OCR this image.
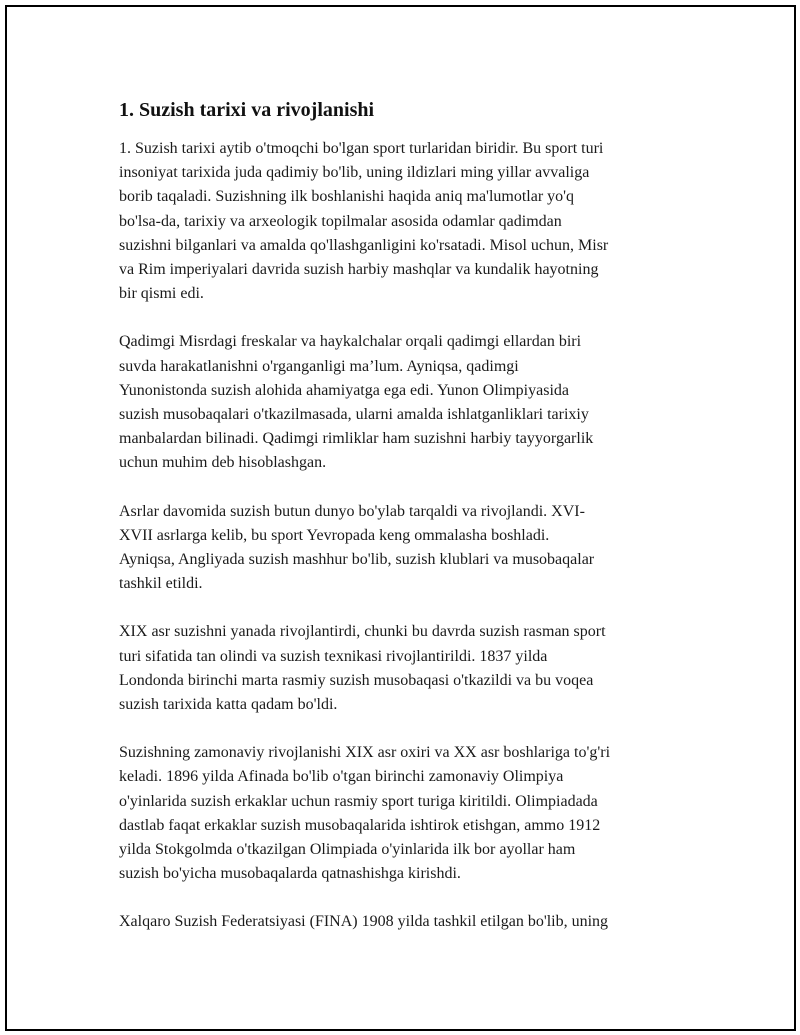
1. Suzish tarixi va rivojlanishi

1. Suzish tarixi aytib o'tmoqchi bo'lgan sport turlaridan biridir. Bu sport turi
insoniyat tarixida juda qadimiy bo'lib, uning ildizlari ming yillar avvaliga
borib taqaladi. Suzishning ilk boshlanishi haqida aniq ma'lumotlar yo'q
bo'lsa-da, tarixiy va arxeologik topilmalar asosida odamlar qadimdan
suzishni bilganlari va amalda qo'llashganligini ko'rsatadi. Misol uchun, Misr
va Rim imperiyalari davrida suzish harbiy mashqlar va kundalik hayotning
bir qismi edi.

Qadimgi Misrdagi freskalar va haykalchalar orqali qadimgi ellardan biri
suvda harakatlanishni o'rganganligi ma’lum. Ayniqsa, qadimgi
Yunonistonda suzish alohida ahamiyatga ega edi. Yunon Olimpiyasida
suzish musobaqalari o'tkazilmasada, ularni amalda ishlatganliklari tarixiy
manbalardan bilinadi. Qadimgi rimliklar ham suzishni harbiy tayyorgarlik
uchun muhim deb hisoblashgan.

Asrlar davomida suzish butun dunyo bo'ylab tarqaldi va rivojlandi. XVI-
XVII asrlarga kelib, bu sport Yevropada keng ommalasha boshladi.
Ayniqsa, Angliyada suzish mashhur bo'lib, suzish klublari va musobaqalar
tashkil etildi.

XIX asr suzishni yanada rivojlantirdi, chunki bu davrda suzish rasman sport
turi sifatida tan olindi va suzish texnikasi rivojlantirildi. 1837 yilda
Londonda birinchi marta rasmiy suzish musobaqasi o'tkazildi va bu voqea
suzish tarixida katta qadam bo'ldi.

Suzishning zamonaviy rivojlanishi XIX asr oxiri va XX asr boshlariga to'g'ri
keladi. 1896 yilda Afinada bo'lib o'tgan birinchi zamonaviy Olimpiya
o'yinlarida suzish erkaklar uchun rasmiy sport turiga kiritildi. Olimpiadada
dastlab faqat erkaklar suzish musobaqalarida ishtirok etishgan, ammo 1912
yilda Stokgolmda o'tkazilgan Olimpiada o'yinlarida ilk bor ayollar ham
suzish bo'yicha musobaqalarda qatnashishga kirishdi.

Xalqaro Suzish Federatsiyasi (FINA) 1908 yilda tashkil etilgan bo'lib, uning
